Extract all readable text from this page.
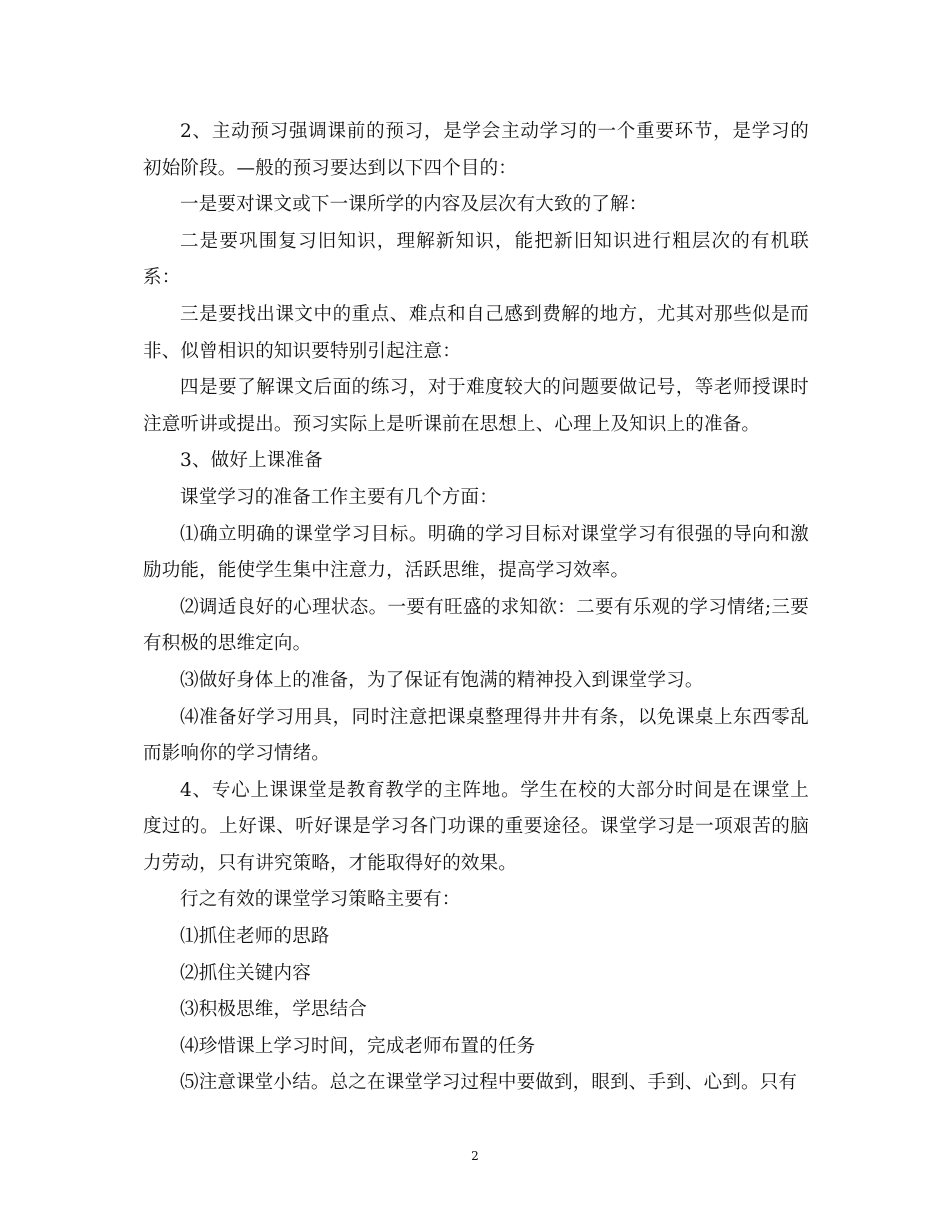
2、主动预习强调课前的预习，是学会主动学习的一个重要环节，是学习的初始阶段。—般的预习要达到以下四个目的：

一是要对课文或下一课所学的内容及层次有大致的了解：

二是要巩围复习旧知识，理解新知识，能把新旧知识进行粗层次的有机联系：

三是要找出课文中的重点、难点和自己感到费解的地方，尤其对那些似是而非、似曾相识的知识要特别引起注意：

四是要了解课文后面的练习，对于难度较大的问题要做记号，等老师授课时注意听讲或提出。预习实际上是听课前在思想上、心理上及知识上的准备。

3、做好上课准备

课堂学习的准备工作主要有几个方面：

⑴确立明确的课堂学习目标。明确的学习目标对课堂学习有很强的导向和激励功能，能使学生集中注意力，活跃思维，提高学习效率。

⑵调适良好的心理状态。一要有旺盛的求知欲：二要有乐观的学习情绪;三要有积极的思维定向。

⑶做好身体上的准备，为了保证有饱满的精神投入到课堂学习。

⑷准备好学习用具，同时注意把课桌整理得井井有条，以免课桌上东西零乱而影响你的学习情绪。

4、专心上课课堂是教育教学的主阵地。学生在校的大部分时间是在课堂上度过的。上好课、听好课是学习各门功课的重要途径。课堂学习是一项艰苦的脑力劳动，只有讲究策略，才能取得好的效果。

行之有效的课堂学习策略主要有：

⑴抓住老师的思路

⑵抓住关键内容

⑶积极思维，学思结合

⑷珍惜课上学习时间，完成老师布置的任务

⑸注意课堂小结。总之在课堂学习过程中要做到，眼到、手到、心到。只有

2
